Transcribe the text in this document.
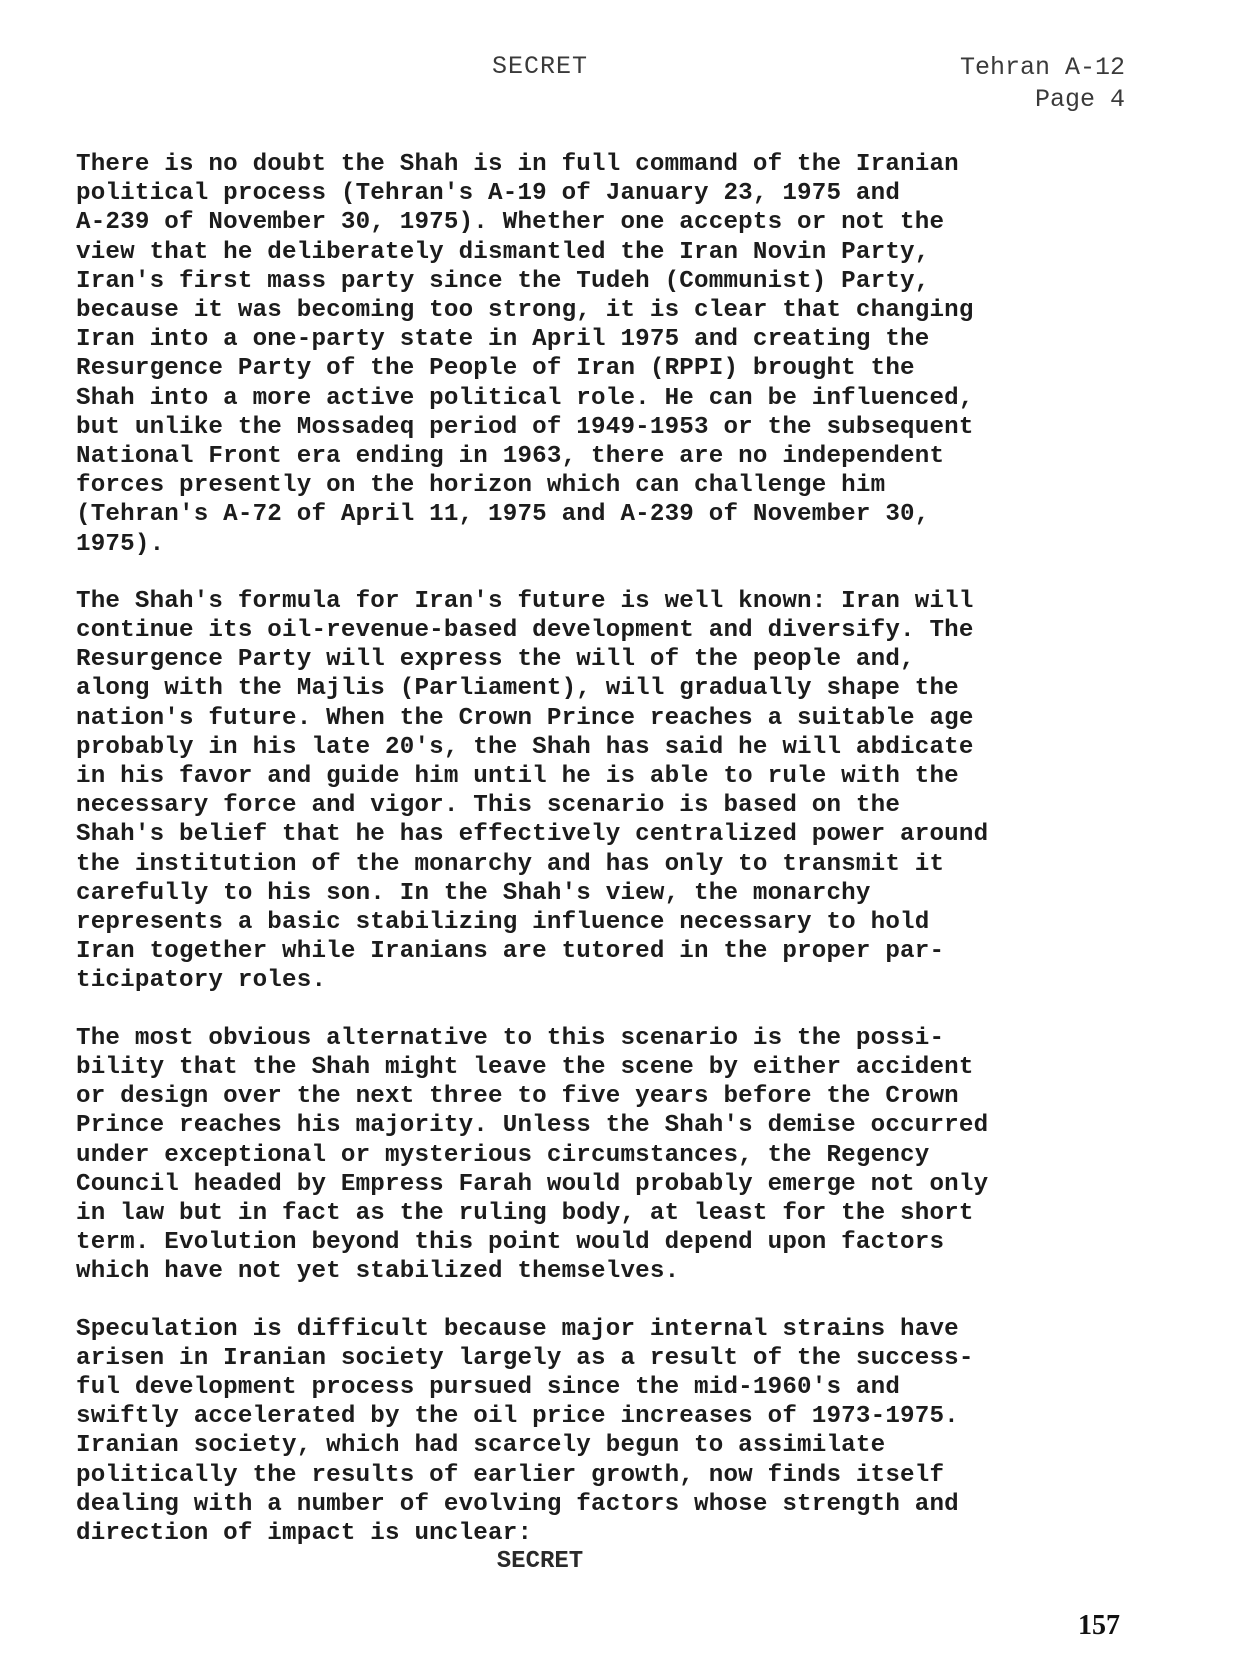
SECRET	Tehran A-12
Page 4

There is no doubt the Shah is in full command of the Iranian
political process (Tehran's A-19 of January 23, 1975 and
A-239 of November 30, 1975). Whether one accepts or not the
view that he deliberately dismantled the Iran Novin Party,
Iran's first mass party since the Tudeh (Communist) Party,
because it was becoming too strong, it is clear that changing
Iran into a one-party state in April 1975 and creating the
Resurgence Party of the People of Iran (RPPI) brought the
Shah into a more active political role. He can be influenced,
but unlike the Mossadeq period of 1949-1953 or the subsequent
National Front era ending in 1963, there are no independent
forces presently on the horizon which can challenge him
(Tehran's A-72 of April 11, 1975 and A-239 of November 30,
1975).

The Shah's formula for Iran's future is well known: Iran will
continue its oil-revenue-based development and diversify. The
Resurgence Party will express the will of the people and,
along with the Majlis (Parliament), will gradually shape the
nation's future. When the Crown Prince reaches a suitable age
probably in his late 20's, the Shah has said he will abdicate
in his favor and guide him until he is able to rule with the
necessary force and vigor. This scenario is based on the
Shah's belief that he has effectively centralized power around
the institution of the monarchy and has only to transmit it
carefully to his son. In the Shah's view, the monarchy
represents a basic stabilizing influence necessary to hold
Iran together while Iranians are tutored in the proper par-
ticipatory roles.

The most obvious alternative to this scenario is the possi-
bility that the Shah might leave the scene by either accident
or design over the next three to five years before the Crown
Prince reaches his majority. Unless the Shah's demise occurred
under exceptional or mysterious circumstances, the Regency
Council headed by Empress Farah would probably emerge not only
in law but in fact as the ruling body, at least for the short
term. Evolution beyond this point would depend upon factors
which have not yet stabilized themselves.

Speculation is difficult because major internal strains have
arisen in Iranian society largely as a result of the success-
ful development process pursued since the mid-1960's and
swiftly accelerated by the oil price increases of 1973-1975.
Iranian society, which had scarcely begun to assimilate
politically the results of earlier growth, now finds itself
dealing with a number of evolving factors whose strength and
direction of impact is unclear:

SECRET
157
